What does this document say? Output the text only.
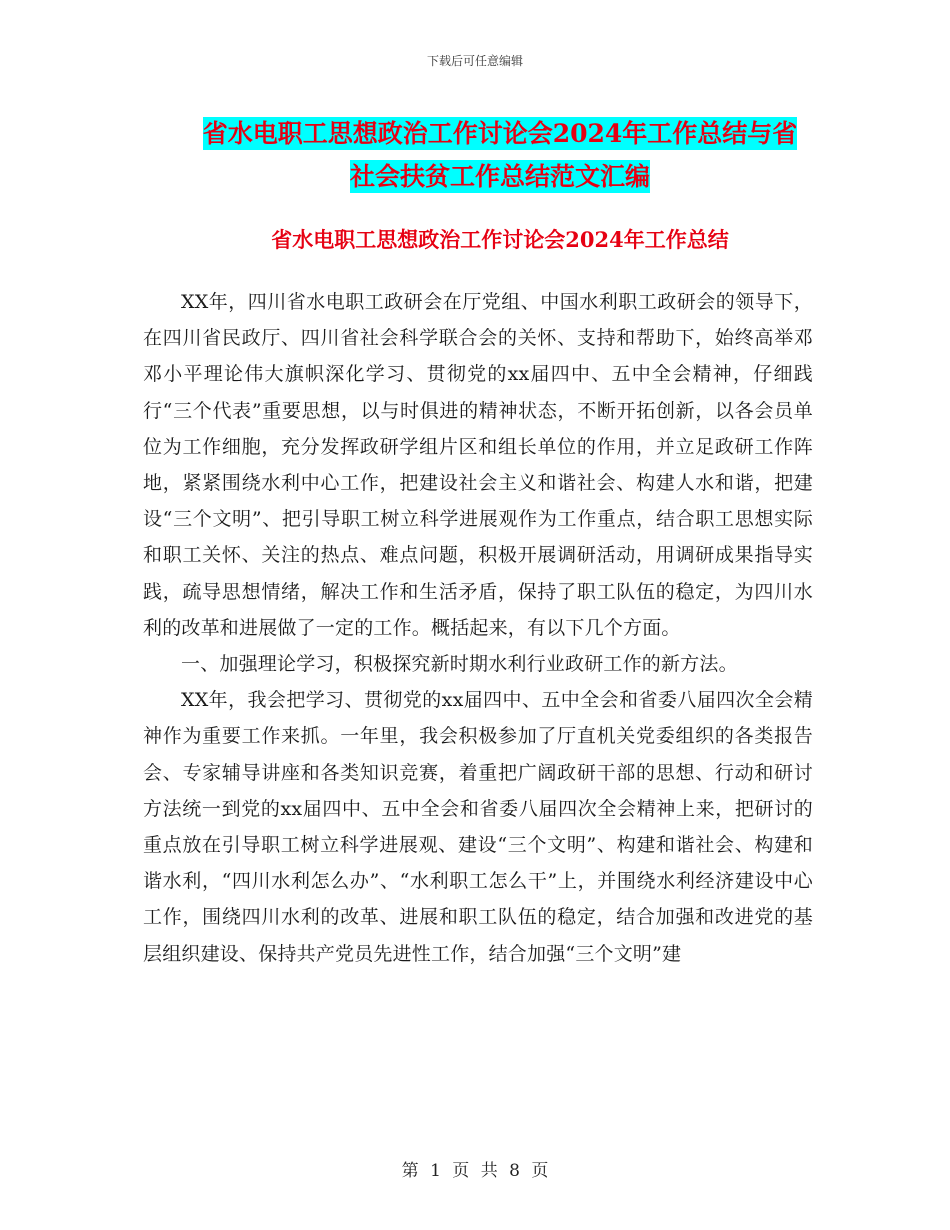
下载后可任意编辑
省水电职工思想政治工作讨论会2024年工作总结与省
社会扶贫工作总结范文汇编
省水电职工思想政治工作讨论会2024年工作总结

XX年，四川省水电职工政研会在厅党组、中国水利职工政研会的领导下，在四川省民政厅、四川省社会科学联合会的关怀、支持和帮助下，始终高举邓邓小平理论伟大旗帜深化学习、贯彻党的xx届四中、五中全会精神，仔细践行“三个代表”重要思想，以与时俱进的精神状态，不断开拓创新，以各会员单位为工作细胞，充分发挥政研学组片区和组长单位的作用，并立足政研工作阵地，紧紧围绕水利中心工作，把建设社会主义和谐社会、构建人水和谐，把建设“三个文明”、把引导职工树立科学进展观作为工作重点，结合职工思想实际和职工关怀、关注的热点、难点问题，积极开展调研活动，用调研成果指导实践，疏导思想情绪，解决工作和生活矛盾，保持了职工队伍的稳定，为四川水利的改革和进展做了一定的工作。概括起来，有以下几个方面。

一、加强理论学习，积极探究新时期水利行业政研工作的新方法。

XX年，我会把学习、贯彻党的xx届四中、五中全会和省委八届四次全会精神作为重要工作来抓。一年里，我会积极参加了厅直机关党委组织的各类报告会、专家辅导讲座和各类知识竞赛，着重把广阔政研干部的思想、行动和研讨方法统一到党的xx届四中、五中全会和省委八届四次全会精神上来，把研讨的重点放在引导职工树立科学进展观、建设“三个文明”、构建和谐社会、构建和谐水利，“四川水利怎么办”、“水利职工怎么干”上，并围绕水利经济建设中心工作，围绕四川水利的改革、进展和职工队伍的稳定，结合加强和改进党的基层组织建设、保持共产党员先进性工作，结合加强“三个文明”建

第 1 页 共 8 页
